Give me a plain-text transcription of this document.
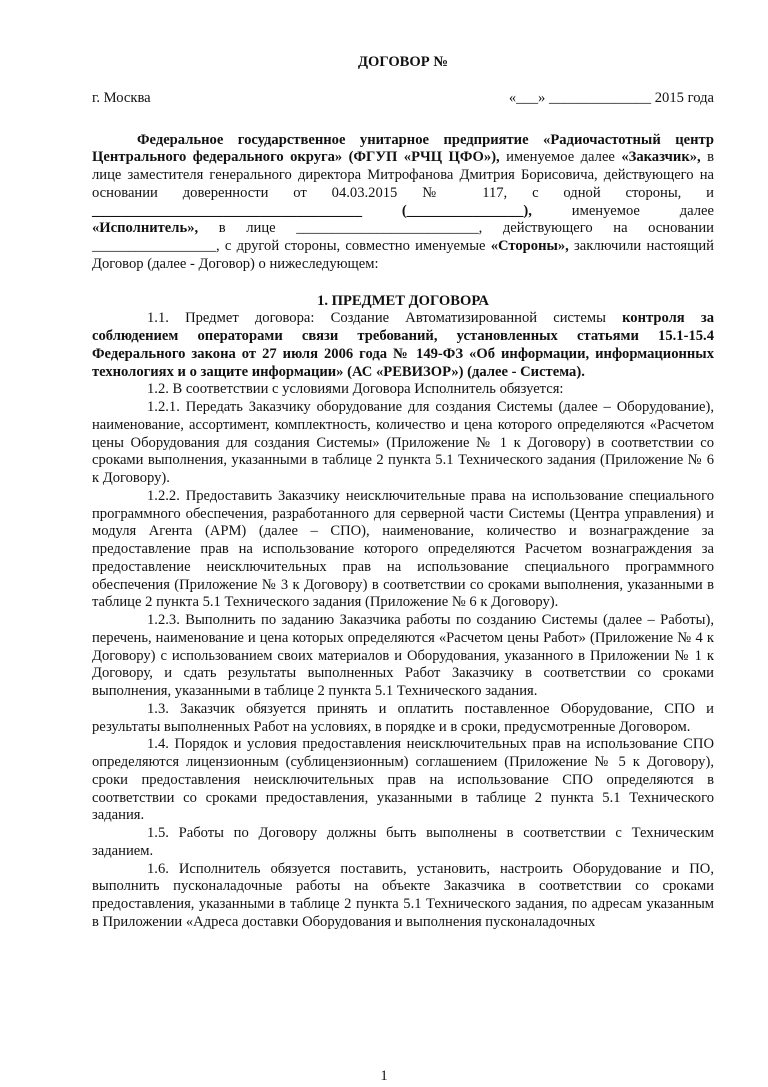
ДОГОВОР №
г. Москва	«___» ______________ 2015 года

Федеральное государственное унитарное предприятие «Радиочастотный центр Центрального федерального округа» (ФГУП «РЧЦ ЦФО»), именуемое далее «Заказчик», в лице заместителя генерального директора Митрофанова Дмитрия Борисовича, действующего на основании доверенности от 04.03.2015 № 117, с одной стороны, и _____________________________________ (________________), именуемое далее «Исполнитель», в лице _________________________, действующего на основании _________________, с другой стороны, совместно именуемые «Стороны», заключили настоящий Договор (далее - Договор) о нижеследующем:

1. ПРЕДМЕТ ДОГОВОРА

1.1. Предмет договора: Создание Автоматизированной системы контроля за соблюдением операторами связи требований, установленных статьями 15.1-15.4 Федерального закона от 27 июля 2006 года № 149-ФЗ «Об информации, информационных технологиях и о защите информации» (АС «РЕВИЗОР») (далее - Система).

1.2. В соответствии с условиями Договора Исполнитель обязуется:

1.2.1. Передать Заказчику оборудование для создания Системы (далее – Оборудование), наименование, ассортимент, комплектность, количество и цена которого определяются «Расчетом цены Оборудования для создания Системы» (Приложение № 1 к Договору) в соответствии со сроками выполнения, указанными в таблице 2 пункта 5.1 Технического задания (Приложение № 6 к Договору).

1.2.2. Предоставить Заказчику неисключительные права на использование специального программного обеспечения, разработанного для серверной части Системы (Центра управления) и модуля Агента (АРМ) (далее – СПО), наименование, количество и вознаграждение за предоставление прав на использование которого определяются Расчетом вознаграждения за предоставление неисключительных прав на использование специального программного обеспечения (Приложение № 3 к Договору) в соответствии со сроками выполнения, указанными в таблице 2 пункта 5.1 Технического задания (Приложение № 6 к Договору).

1.2.3. Выполнить по заданию Заказчика работы по созданию Системы (далее – Работы), перечень, наименование и цена которых определяются «Расчетом цены Работ» (Приложение № 4 к Договору) с использованием своих материалов и Оборудования, указанного в Приложении № 1 к Договору, и сдать результаты выполненных Работ Заказчику в соответствии со сроками выполнения, указанными в таблице 2 пункта 5.1 Технического задания.

1.3. Заказчик обязуется принять и оплатить поставленное Оборудование, СПО и результаты выполненных Работ на условиях, в порядке и в сроки, предусмотренные Договором.

1.4. Порядок и условия предоставления неисключительных прав на использование СПО определяются лицензионным (сублицензионным) соглашением (Приложение № 5 к Договору), сроки предоставления неисключительных прав на использование СПО определяются в соответствии со сроками предоставления, указанными в таблице 2 пункта 5.1 Технического задания.

1.5. Работы по Договору должны быть выполнены в соответствии с Техническим заданием.

1.6. Исполнитель обязуется поставить, установить, настроить Оборудование и ПО, выполнить пусконаладочные работы на объекте Заказчика в соответствии со сроками предоставления, указанными в таблице 2 пункта 5.1 Технического задания, по адресам указанным в Приложении «Адреса доставки Оборудования и выполнения пусконаладочных

1
